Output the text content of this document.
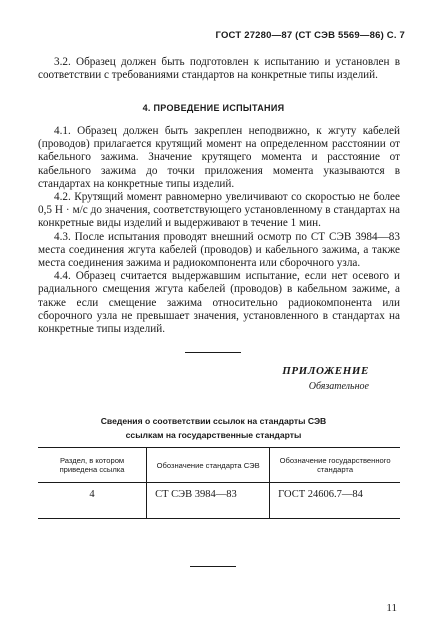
ГОСТ 27280—87 (СТ СЭВ 5569—86) С. 7

3.2. Образец должен быть подготовлен к испытанию и установлен в соответствии с требованиями стандартов на конкретные типы изделий.

4. ПРОВЕДЕНИЕ ИСПЫТАНИЯ

4.1. Образец должен быть закреплен неподвижно, к жгуту кабелей (проводов) прилагается крутящий момент на определенном расстоянии от кабельного зажима. Значение крутящего момента и расстояние от кабельного зажима до точки приложения момента указываются в стандартах на конкретные типы изделий.

4.2. Крутящий момент равномерно увеличивают со скоростью не более 0,5 Н · м/с до значения, соответствующего установленному в стандартах на конкретные виды изделий и выдерживают в течение 1 мин.

4.3. После испытания проводят внешний осмотр по СТ СЭВ 3984—83 места соединения жгута кабелей (проводов) и кабельного зажима, а также места соединения зажима и радиокомпонента или сборочного узла.

4.4. Образец считается выдержавшим испытание, если нет осевого и радиального смещения жгута кабелей (проводов) в кабельном зажиме, а также если смещение зажима относительно радиокомпонента или сборочного узла не превышает значения, установленного в стандартах на конкретные типы изделий.

ПРИЛОЖЕНИЕ
Обязательное
Сведения о соответствии ссылок на стандарты СЭВ
ссылкам на государственные стандарты
Раздел, в котором приведена ссылка	Обозначение стандарта СЭВ	Обозначение государственного стандарта
4	СТ СЭВ 3984—83	ГОСТ 24606.7—84
11
